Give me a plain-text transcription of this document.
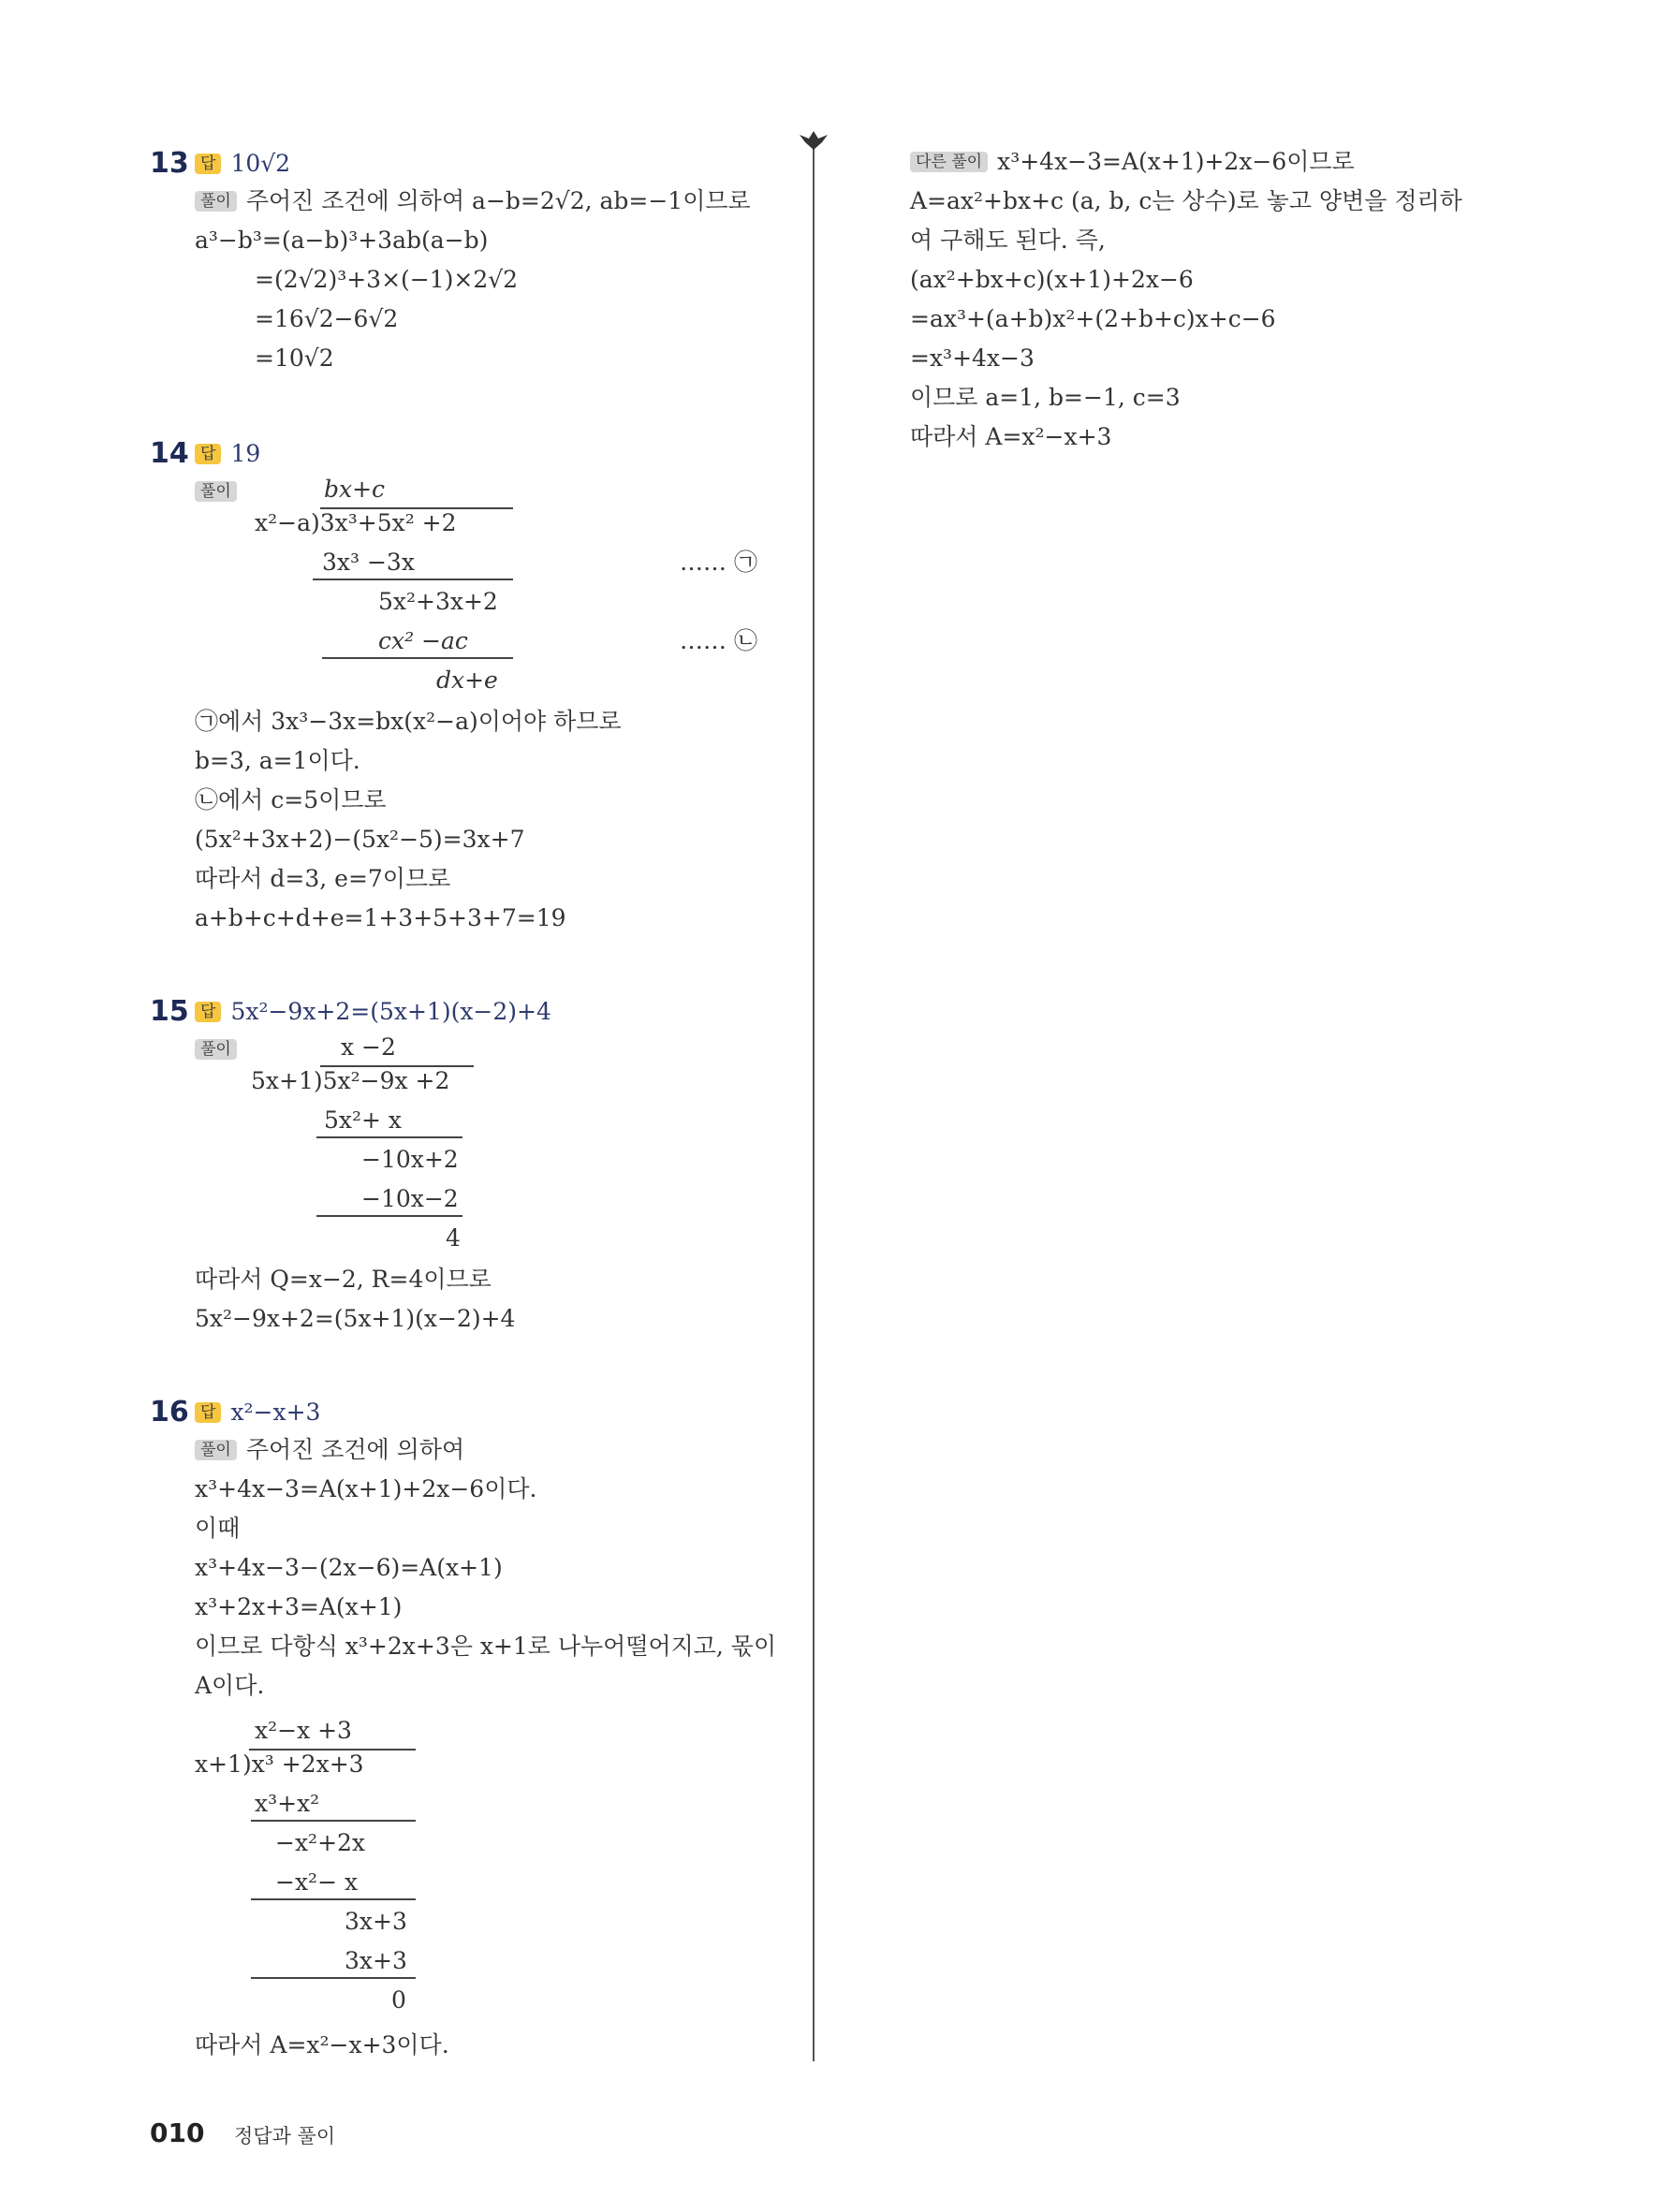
13 답 10√2
풀이 주어진 조건에 의하여 a−b=2√2, ab=−1이므로
a³−b³=(a−b)³+3ab(a−b)
=(2√2)³+3×(−1)×2√2
=16√2−6√2
=10√2
14 답 19
풀이	bx+c
x²−a)3x³+5x² +2
3x³ −3x	…… ㉠
5x²+3x+2
cx² −ac	…… ㉡
dx+e
㉠에서 3x³−3x=bx(x²−a)이어야 하므로
b=3, a=1이다.
㉡에서 c=5이므로
(5x²+3x+2)−(5x²−5)=3x+7
따라서 d=3, e=7이므로
a+b+c+d+e=1+3+5+3+7=19
15 답 5x²−9x+2=(5x+1)(x−2)+4
풀이	x −2
5x+1)5x²−9x +2
5x²+ x
−10x+2
−10x−2
4
따라서 Q=x−2, R=4이므로
5x²−9x+2=(5x+1)(x−2)+4
16 답 x²−x+3
풀이 주어진 조건에 의하여
x³+4x−3=A(x+1)+2x−6이다.
이때
x³+4x−3−(2x−6)=A(x+1)
x³+2x+3=A(x+1)
이므로 다항식 x³+2x+3은 x+1로 나누어떨어지고, 몫이
A이다.
x²−x +3
x+1)x³ +2x+3
x³+x²
−x²+2x
−x²− x
3x+3
3x+3
0
따라서 A=x²−x+3이다.
다른 풀이 x³+4x−3=A(x+1)+2x−6이므로
A=ax²+bx+c (a, b, c는 상수)로 놓고 양변을 정리하
여 구해도 된다. 즉,
(ax²+bx+c)(x+1)+2x−6
=ax³+(a+b)x²+(2+b+c)x+c−6
=x³+4x−3
이므로 a=1, b=−1, c=3
따라서 A=x²−x+3
010 정답과 풀이
